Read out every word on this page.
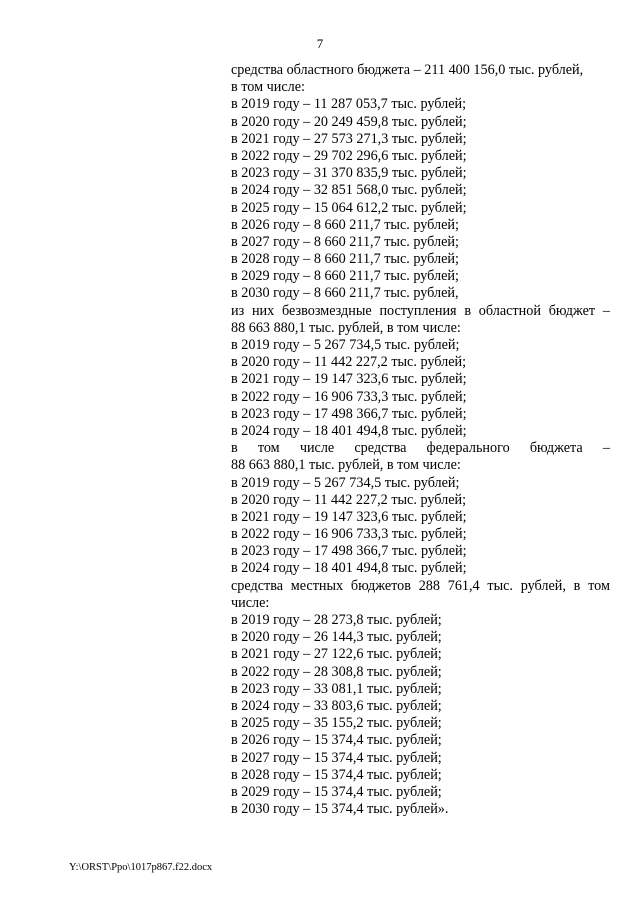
7
средства областного бюджета – 211 400 156,0 тыс. рублей,
в том числе:
в 2019 году – 11 287 053,7 тыс. рублей;
в 2020 году – 20 249 459,8 тыс. рублей;
в 2021 году – 27 573 271,3 тыс. рублей;
в 2022 году – 29 702 296,6 тыс. рублей;
в 2023 году – 31 370 835,9 тыс. рублей;
в 2024 году – 32 851 568,0 тыс. рублей;
в 2025 году – 15 064 612,2 тыс. рублей;
в 2026 году – 8 660 211,7 тыс. рублей;
в 2027 году – 8 660 211,7 тыс. рублей;
в 2028 году – 8 660 211,7 тыс. рублей;
в 2029 году – 8 660 211,7 тыс. рублей;
в 2030 году – 8 660 211,7 тыс. рублей,
из них безвозмездные поступления в областной бюджет –
88 663 880,1 тыс. рублей, в том числе:
в 2019 году – 5 267 734,5 тыс. рублей;
в 2020 году – 11 442 227,2 тыс. рублей;
в 2021 году – 19 147 323,6 тыс. рублей;
в 2022 году – 16 906 733,3 тыс. рублей;
в 2023 году – 17 498 366,7 тыс. рублей;
в 2024 году – 18 401 494,8 тыс. рублей;
в том числе средства федерального бюджета –
88 663 880,1 тыс. рублей, в том числе:
в 2019 году – 5 267 734,5 тыс. рублей;
в 2020 году – 11 442 227,2 тыс. рублей;
в 2021 году – 19 147 323,6 тыс. рублей;
в 2022 году – 16 906 733,3 тыс. рублей;
в 2023 году – 17 498 366,7 тыс. рублей;
в 2024 году – 18 401 494,8 тыс. рублей;
средства местных бюджетов 288 761,4 тыс. рублей, в том
числе:
в 2019 году – 28 273,8 тыс. рублей;
в 2020 году – 26 144,3 тыс. рублей;
в 2021 году – 27 122,6 тыс. рублей;
в 2022 году – 28 308,8 тыс. рублей;
в 2023 году – 33 081,1 тыс. рублей;
в 2024 году – 33 803,6 тыс. рублей;
в 2025 году – 35 155,2 тыс. рублей;
в 2026 году – 15 374,4 тыс. рублей;
в 2027 году – 15 374,4 тыс. рублей;
в 2028 году – 15 374,4 тыс. рублей;
в 2029 году – 15 374,4 тыс. рублей;
в 2030 году – 15 374,4 тыс. рублей».
Y:\ORST\Ppo\1017p867.f22.docx
